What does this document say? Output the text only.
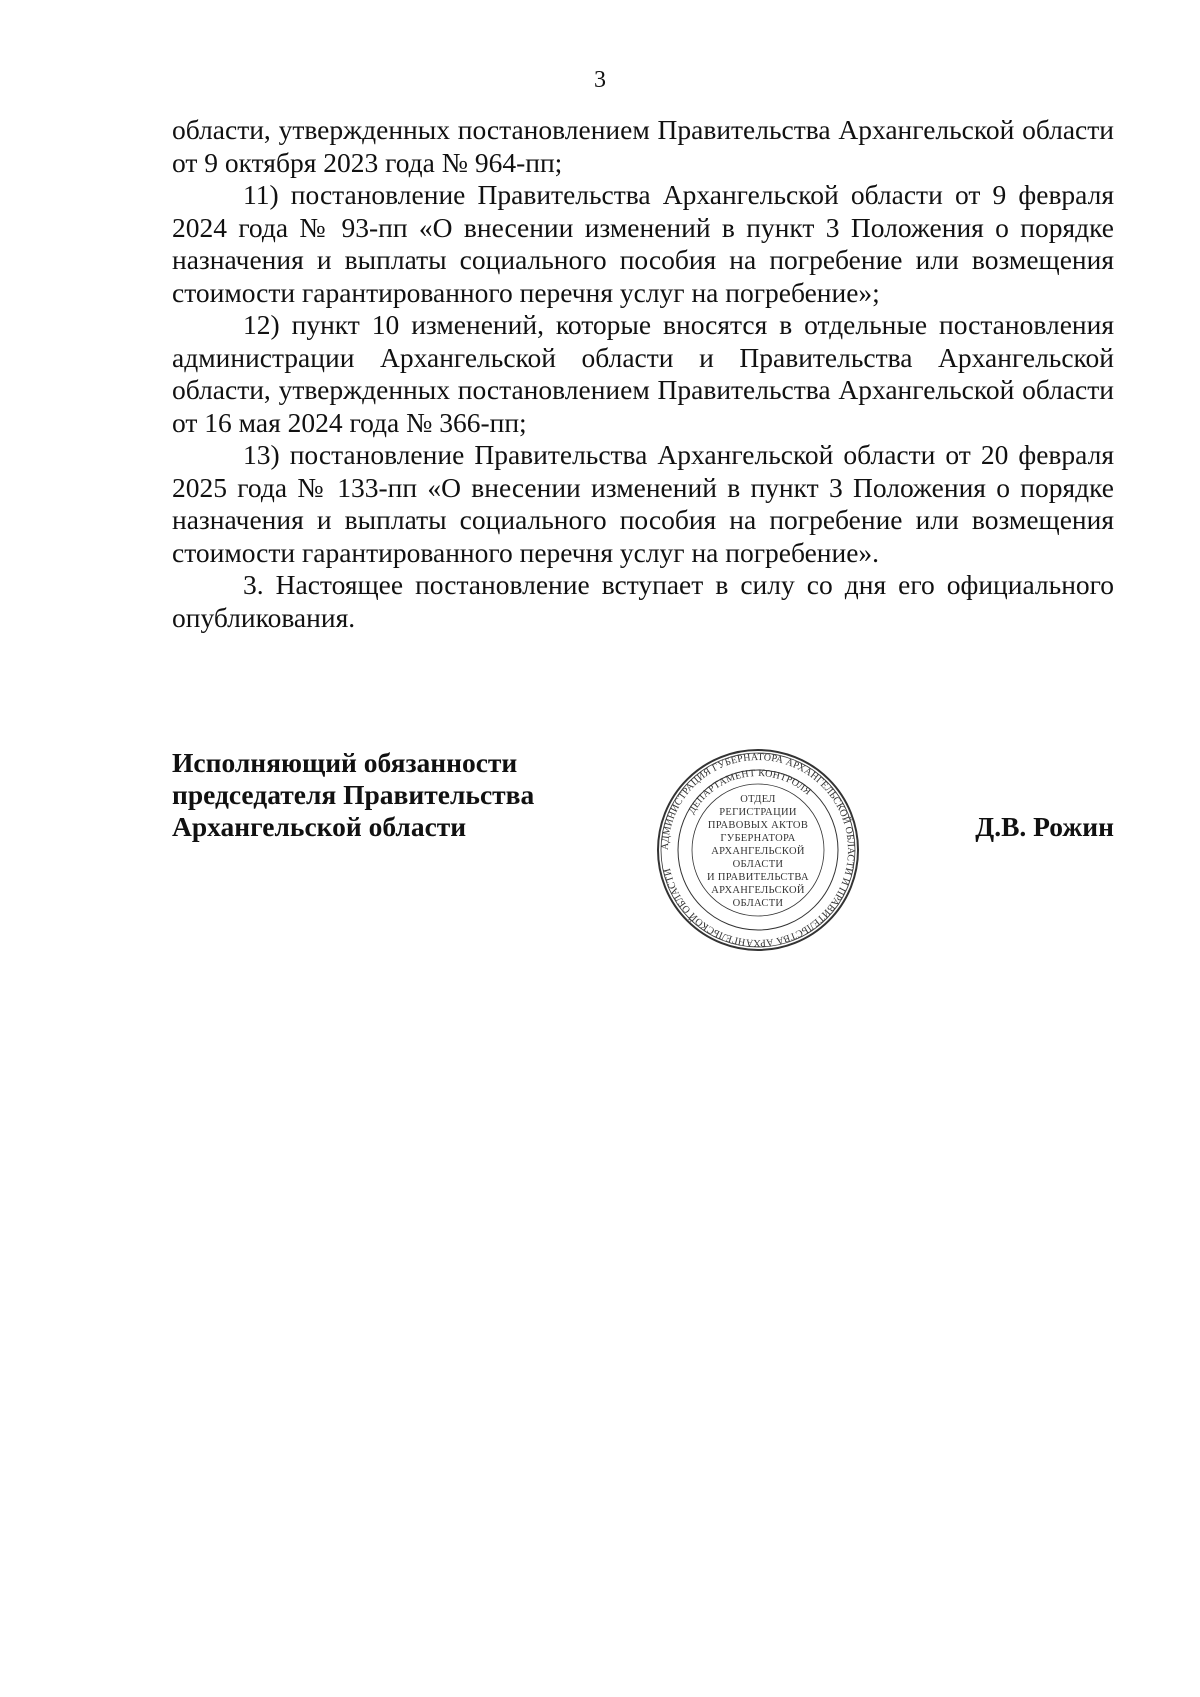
3

области, утвержденных постановлением Правительства Архангельской области от 9 октября 2023 года № 964-пп;

11) постановление Правительства Архангельской области от 9 февраля 2024 года № 93-пп «О внесении изменений в пункт 3 Положения о порядке назначения и выплаты социального пособия на погребение или возмещения стоимости гарантированного перечня услуг на погребение»;

12) пункт 10 изменений, которые вносятся в отдельные постановления администрации Архангельской области и Правительства Архангельской области, утвержденных постановлением Правительства Архангельской области от 16 мая 2024 года № 366-пп;

13) постановление Правительства Архангельской области от 20 февраля 2025 года № 133-пп «О внесении изменений в пункт 3 Положения о порядке назначения и выплаты социального пособия на погребение или возмещения стоимости гарантированного перечня услуг на погребение».

3. Настоящее постановление вступает в силу со дня его официального опубликования.

Исполняющий обязанности
председателя Правительства
Архангельской области
АДМИНИСТРАЦИЯ ГУБЕРНАТОРА АРХАНГЕЛЬСКОЙ ОБЛАСТИ И ПРАВИТЕЛЬСТВА АРХАНГЕЛЬСКОЙ ОБЛАСТИ
ДЕПАРТАМЕНТ КОНТРОЛЯ
ОТДЕЛ
РЕГИСТРАЦИИ
ПРАВОВЫХ АКТОВ
ГУБЕРНАТОРА
АРХАНГЕЛЬСКОЙ
ОБЛАСТИ
И ПРАВИТЕЛЬСТВА
АРХАНГЕЛЬСКОЙ
ОБЛАСТИ
Д.В. Рожин
